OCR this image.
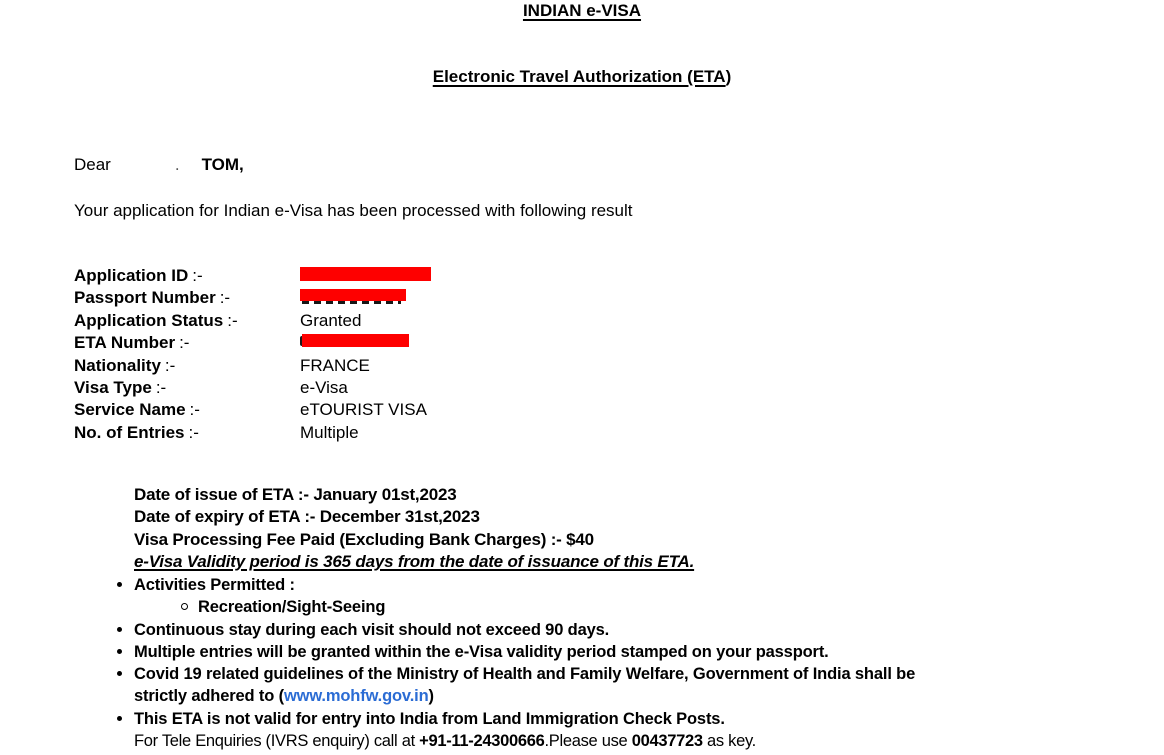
INDIAN e-VISA
Electronic Travel Authorization (ETA)
Dear	. TOM,
Your application for Indian e-Visa has been processed with following result
Application ID :-
Passport Number :-
Application Status :-	Granted
ETA Number :-
Nationality :-	FRANCE
Visa Type :-	e-Visa
Service Name :-	eTOURIST VISA
No. of Entries :-	Multiple
Date of issue of ETA :- January 01st,2023
Date of expiry of ETA :- December 31st,2023
Visa Processing Fee Paid (Excluding Bank Charges) :- $40
e-Visa Validity period is 365 days from the date of issuance of this ETA.
Activities Permitted :
Recreation/Sight-Seeing
Continuous stay during each visit should not exceed 90 days.
Multiple entries will be granted within the e-Visa validity period stamped on your passport.
Covid 19 related guidelines of the Ministry of Health and Family Welfare, Government of India shall be
strictly adhered to (www.mohfw.gov.in)
This ETA is not valid for entry into India from Land Immigration Check Posts.
For Tele Enquiries (IVRS enquiry) call at +91-11-24300666.Please use 00437723 as key.
